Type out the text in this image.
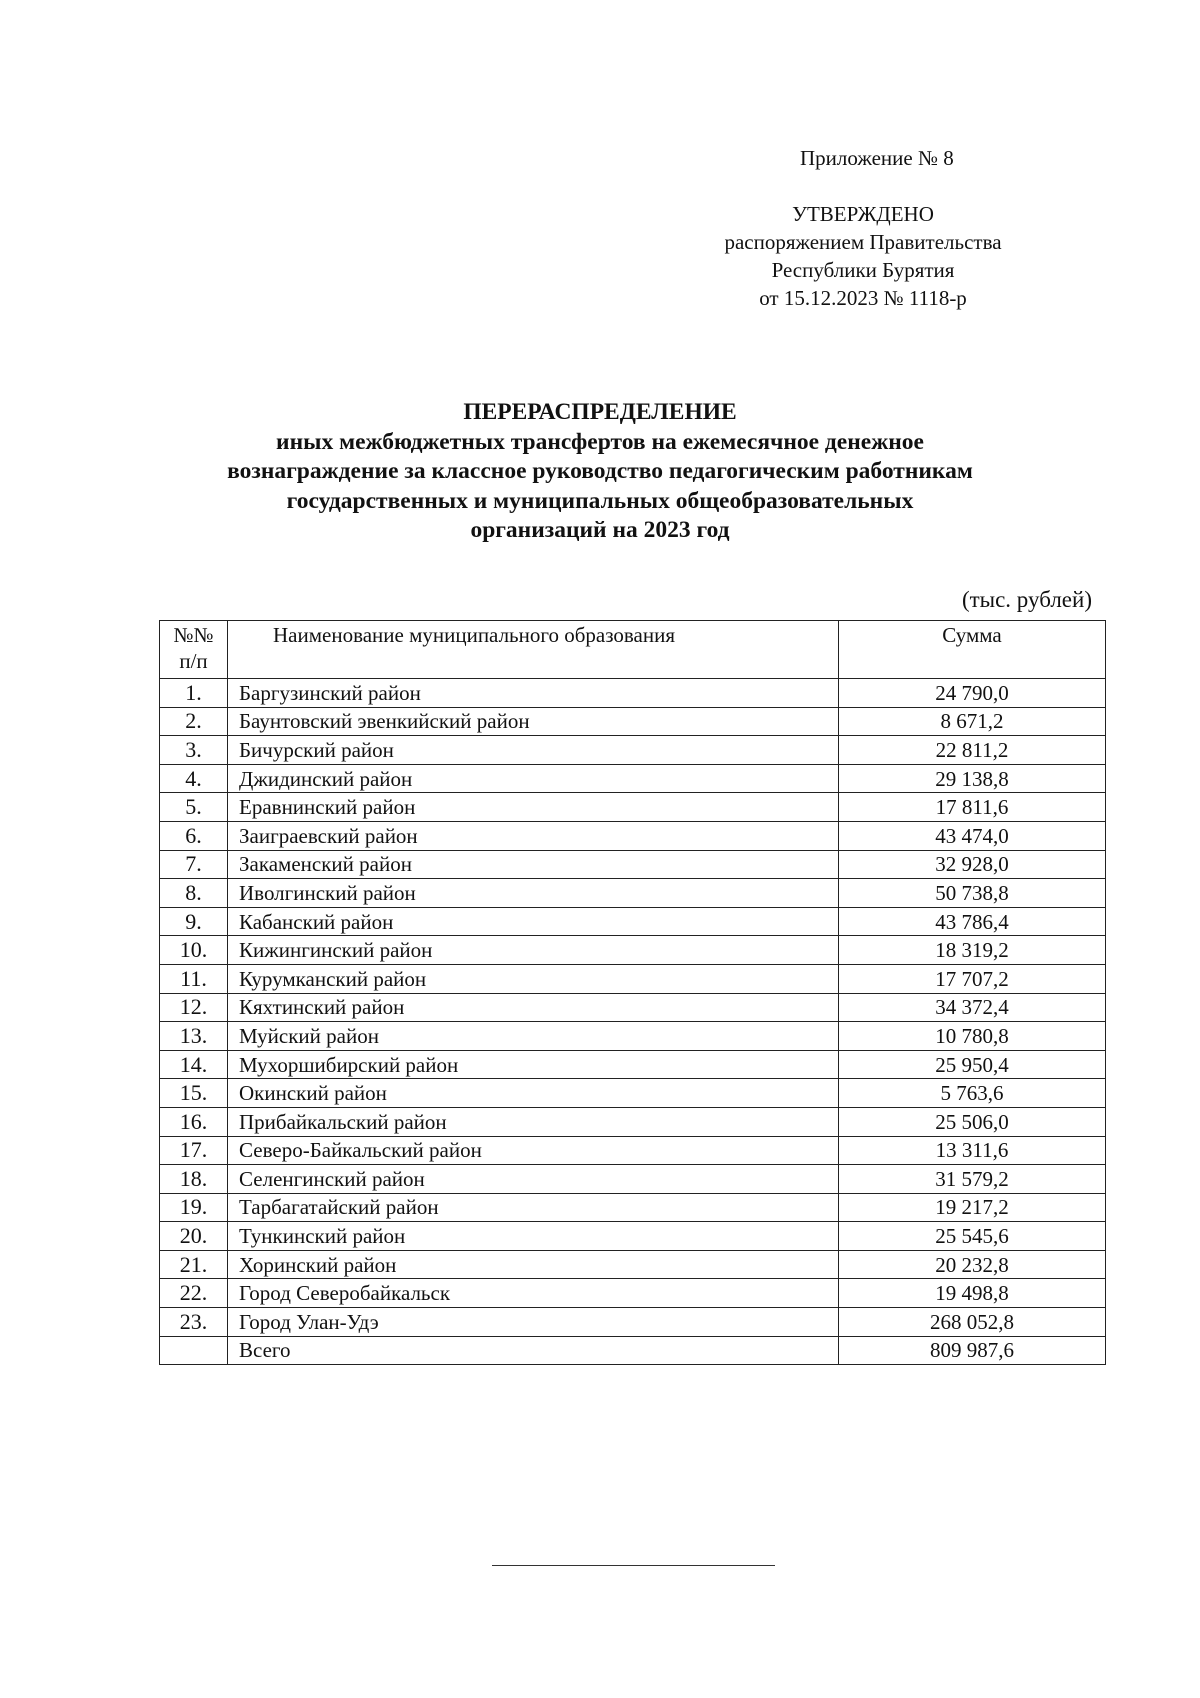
Приложение № 8
УТВЕРЖДЕНО
распоряжением Правительства
Республики Бурятия
от 15.12.2023 № 1118-р
ПЕРЕРАСПРЕДЕЛЕНИЕ
иных межбюджетных трансфертов на ежемесячное денежное
вознаграждение за классное руководство педагогическим работникам
государственных и муниципальных общеобразовательных
организаций на 2023 год
(тыс. рублей)
№№
п/п	Наименование муниципального образования	Сумма
1.	Баргузинский район	24 790,0
2.	Баунтовский эвенкийский район	8 671,2
3.	Бичурский район	22 811,2
4.	Джидинский район	29 138,8
5.	Еравнинский район	17 811,6
6.	Заиграевский район	43 474,0
7.	Закаменский район	32 928,0
8.	Иволгинский район	50 738,8
9.	Кабанский район	43 786,4
10.	Кижингинский район	18 319,2
11.	Курумканский район	17 707,2
12.	Кяхтинский район	34 372,4
13.	Муйский район	10 780,8
14.	Мухоршибирский район	25 950,4
15.	Окинский район	5 763,6
16.	Прибайкальский район	25 506,0
17.	Северо-Байкальский район	13 311,6
18.	Селенгинский район	31 579,2
19.	Тарбагатайский район	19 217,2
20.	Тункинский район	25 545,6
21.	Хоринский район	20 232,8
22.	Город Северобайкальск	19 498,8
23.	Город Улан-Удэ	268 052,8
	Всего	809 987,6
